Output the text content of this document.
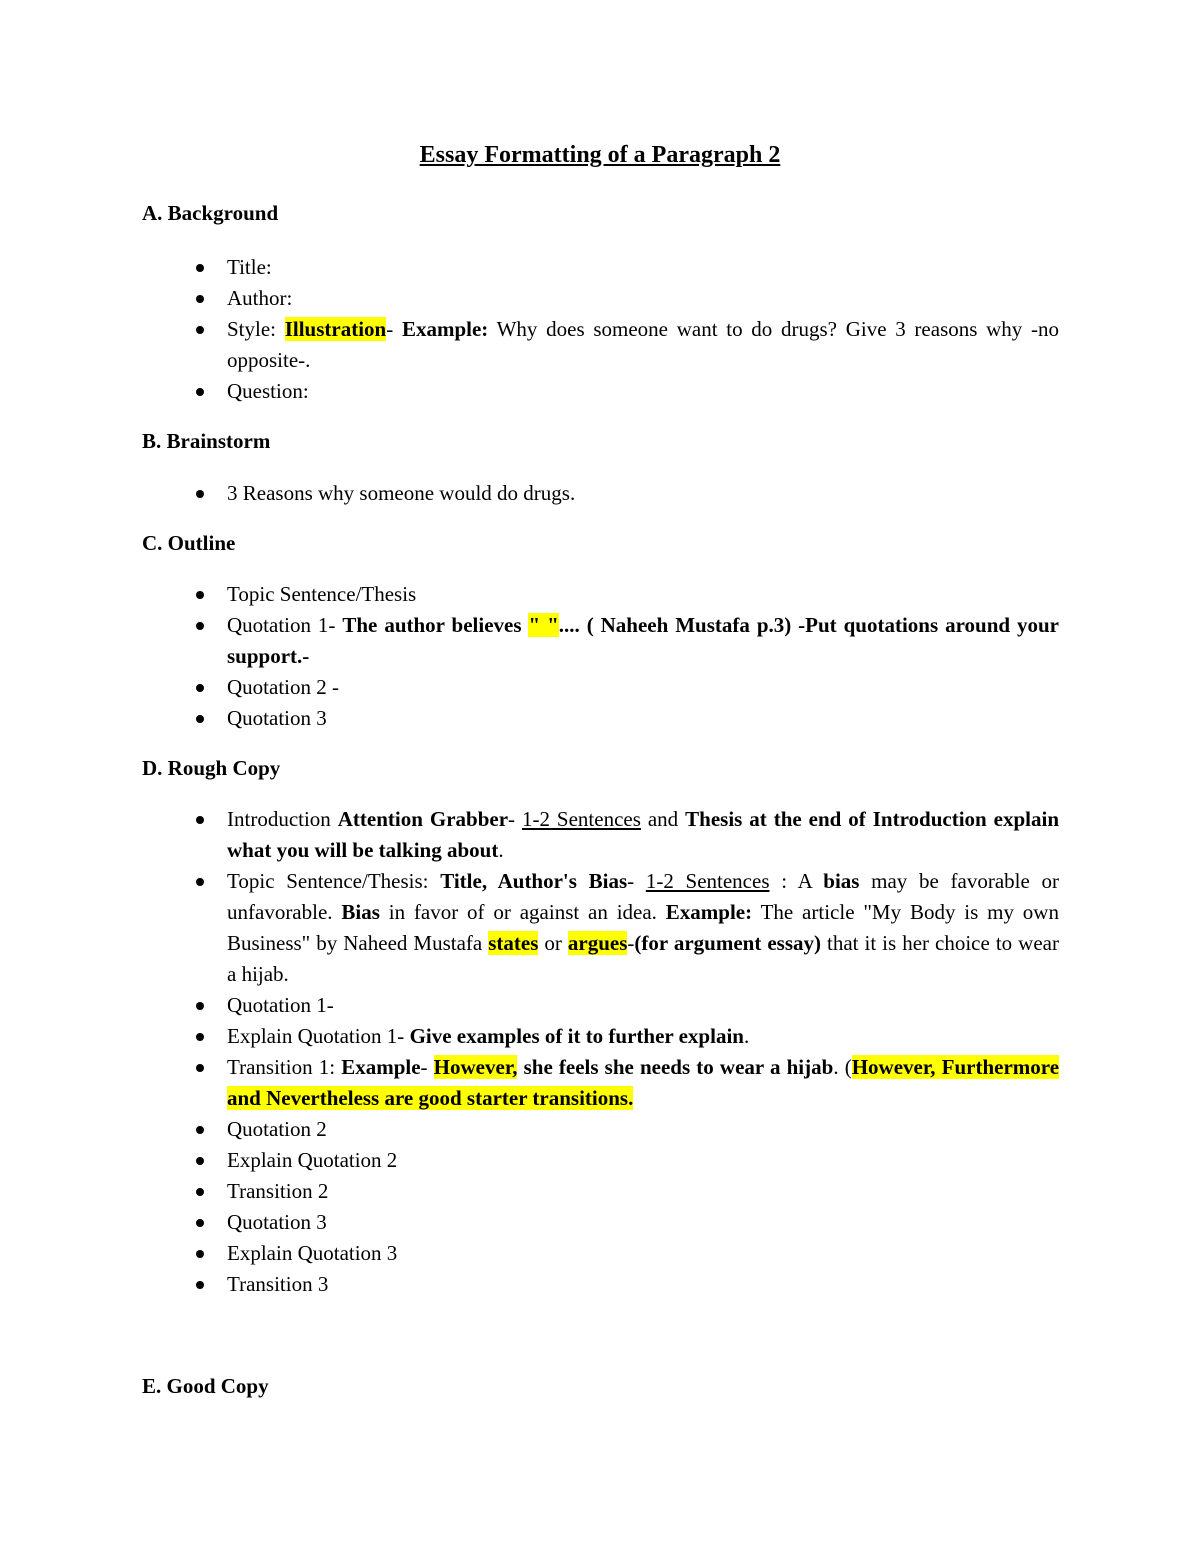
Essay Formatting of a Paragraph 2
A. Background
Title:
Author:
Style: Illustration- Example: Why does someone want to do drugs? Give 3 reasons why -no opposite-.
Question:
B. Brainstorm
3 Reasons why someone would do drugs.
C. Outline
Topic Sentence/Thesis
Quotation 1- The author believes " ".... ( Naheeh Mustafa p.3) -Put quotations around your support.-
Quotation 2 -
Quotation 3
D. Rough Copy
Introduction Attention Grabber- 1-2 Sentences and Thesis at the end of Introduction explain what you will be talking about.
Topic Sentence/Thesis: Title, Author's Bias- 1-2 Sentences : A bias may be favorable or unfavorable. Bias in favor of or against an idea. Example: The article "My Body is my own Business" by Naheed Mustafa states or argues-(for argument essay) that it is her choice to wear a hijab.
Quotation 1-
Explain Quotation 1- Give examples of it to further explain.
Transition 1: Example- However, she feels she needs to wear a hijab. (However, Furthermore and Nevertheless are good starter transitions.
Quotation 2
Explain Quotation 2
Transition 2
Quotation 3
Explain Quotation 3
Transition 3
E. Good Copy
